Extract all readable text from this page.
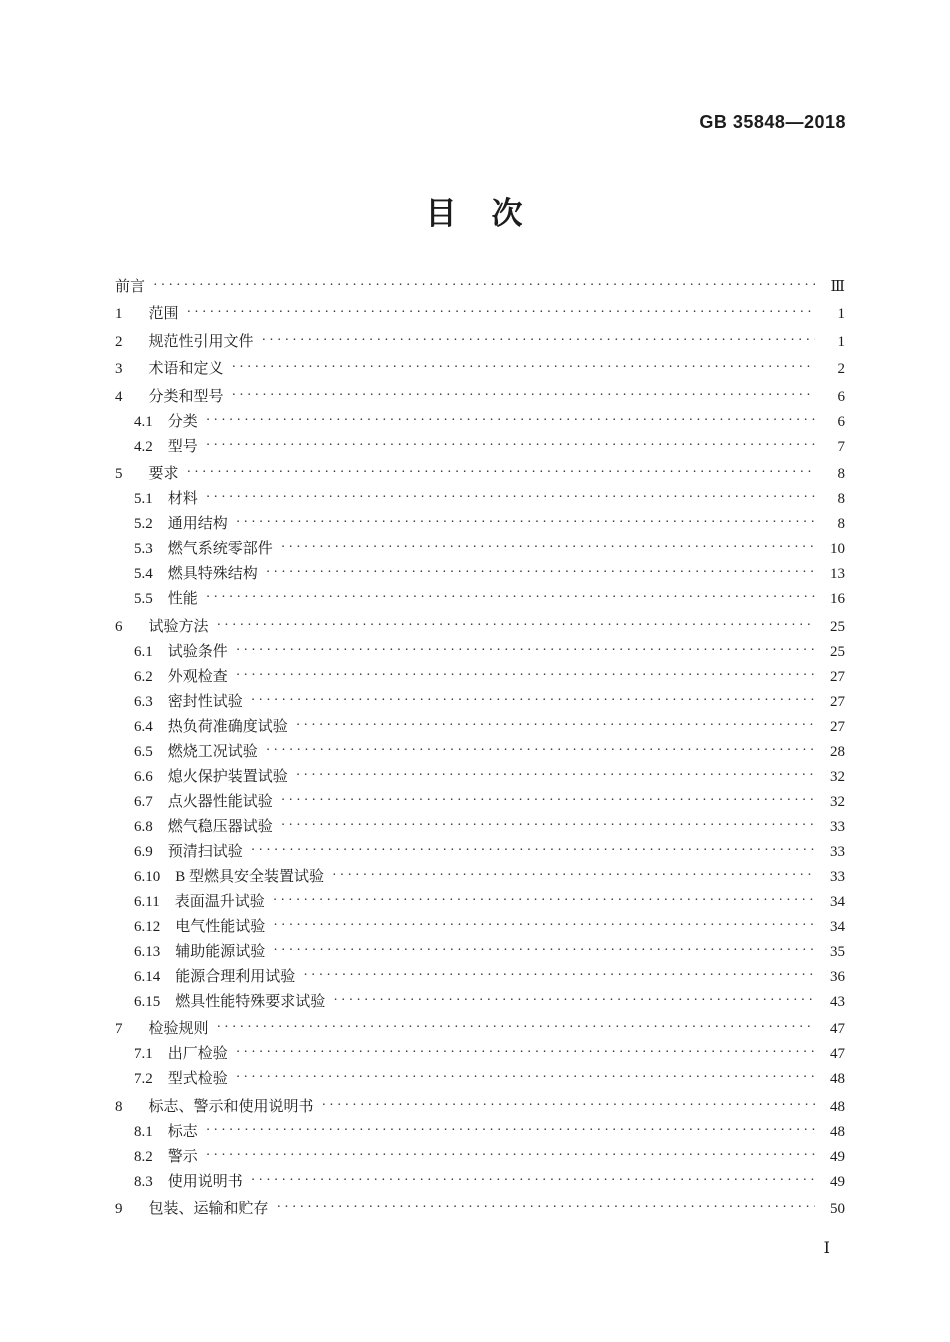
GB 35848—2018
目　次
前言 ·····	Ⅲ
1 范围 ·····	1
2 规范性引用文件 ·····	1
3 术语和定义 ·····	2
4 分类和型号 ·····	6
4.1 分类 ·····	6
4.2 型号 ·····	7
5 要求 ·····	8
5.1 材料 ·····	8
5.2 通用结构 ·····	8
5.3 燃气系统零部件 ·····	10
5.4 燃具特殊结构 ·····	13
5.5 性能 ·····	16
6 试验方法 ·····	25
6.1 试验条件 ·····	25
6.2 外观检查 ·····	27
6.3 密封性试验 ·····	27
6.4 热负荷准确度试验 ·····	27
6.5 燃烧工况试验 ·····	28
6.6 熄火保护装置试验 ·····	32
6.7 点火器性能试验 ·····	32
6.8 燃气稳压器试验 ·····	33
6.9 预清扫试验 ·····	33
6.10 B 型燃具安全装置试验 ·····	33
6.11 表面温升试验 ·····	34
6.12 电气性能试验 ·····	34
6.13 辅助能源试验 ·····	35
6.14 能源合理利用试验 ·····	36
6.15 燃具性能特殊要求试验 ·····	43
7 检验规则 ·····	47
7.1 出厂检验 ·····	47
7.2 型式检验 ·····	48
8 标志、警示和使用说明书 ·····	48
8.1 标志 ·····	48
8.2 警示 ·····	49
8.3 使用说明书 ·····	49
9 包装、运输和贮存 ·····	50
Ⅰ
